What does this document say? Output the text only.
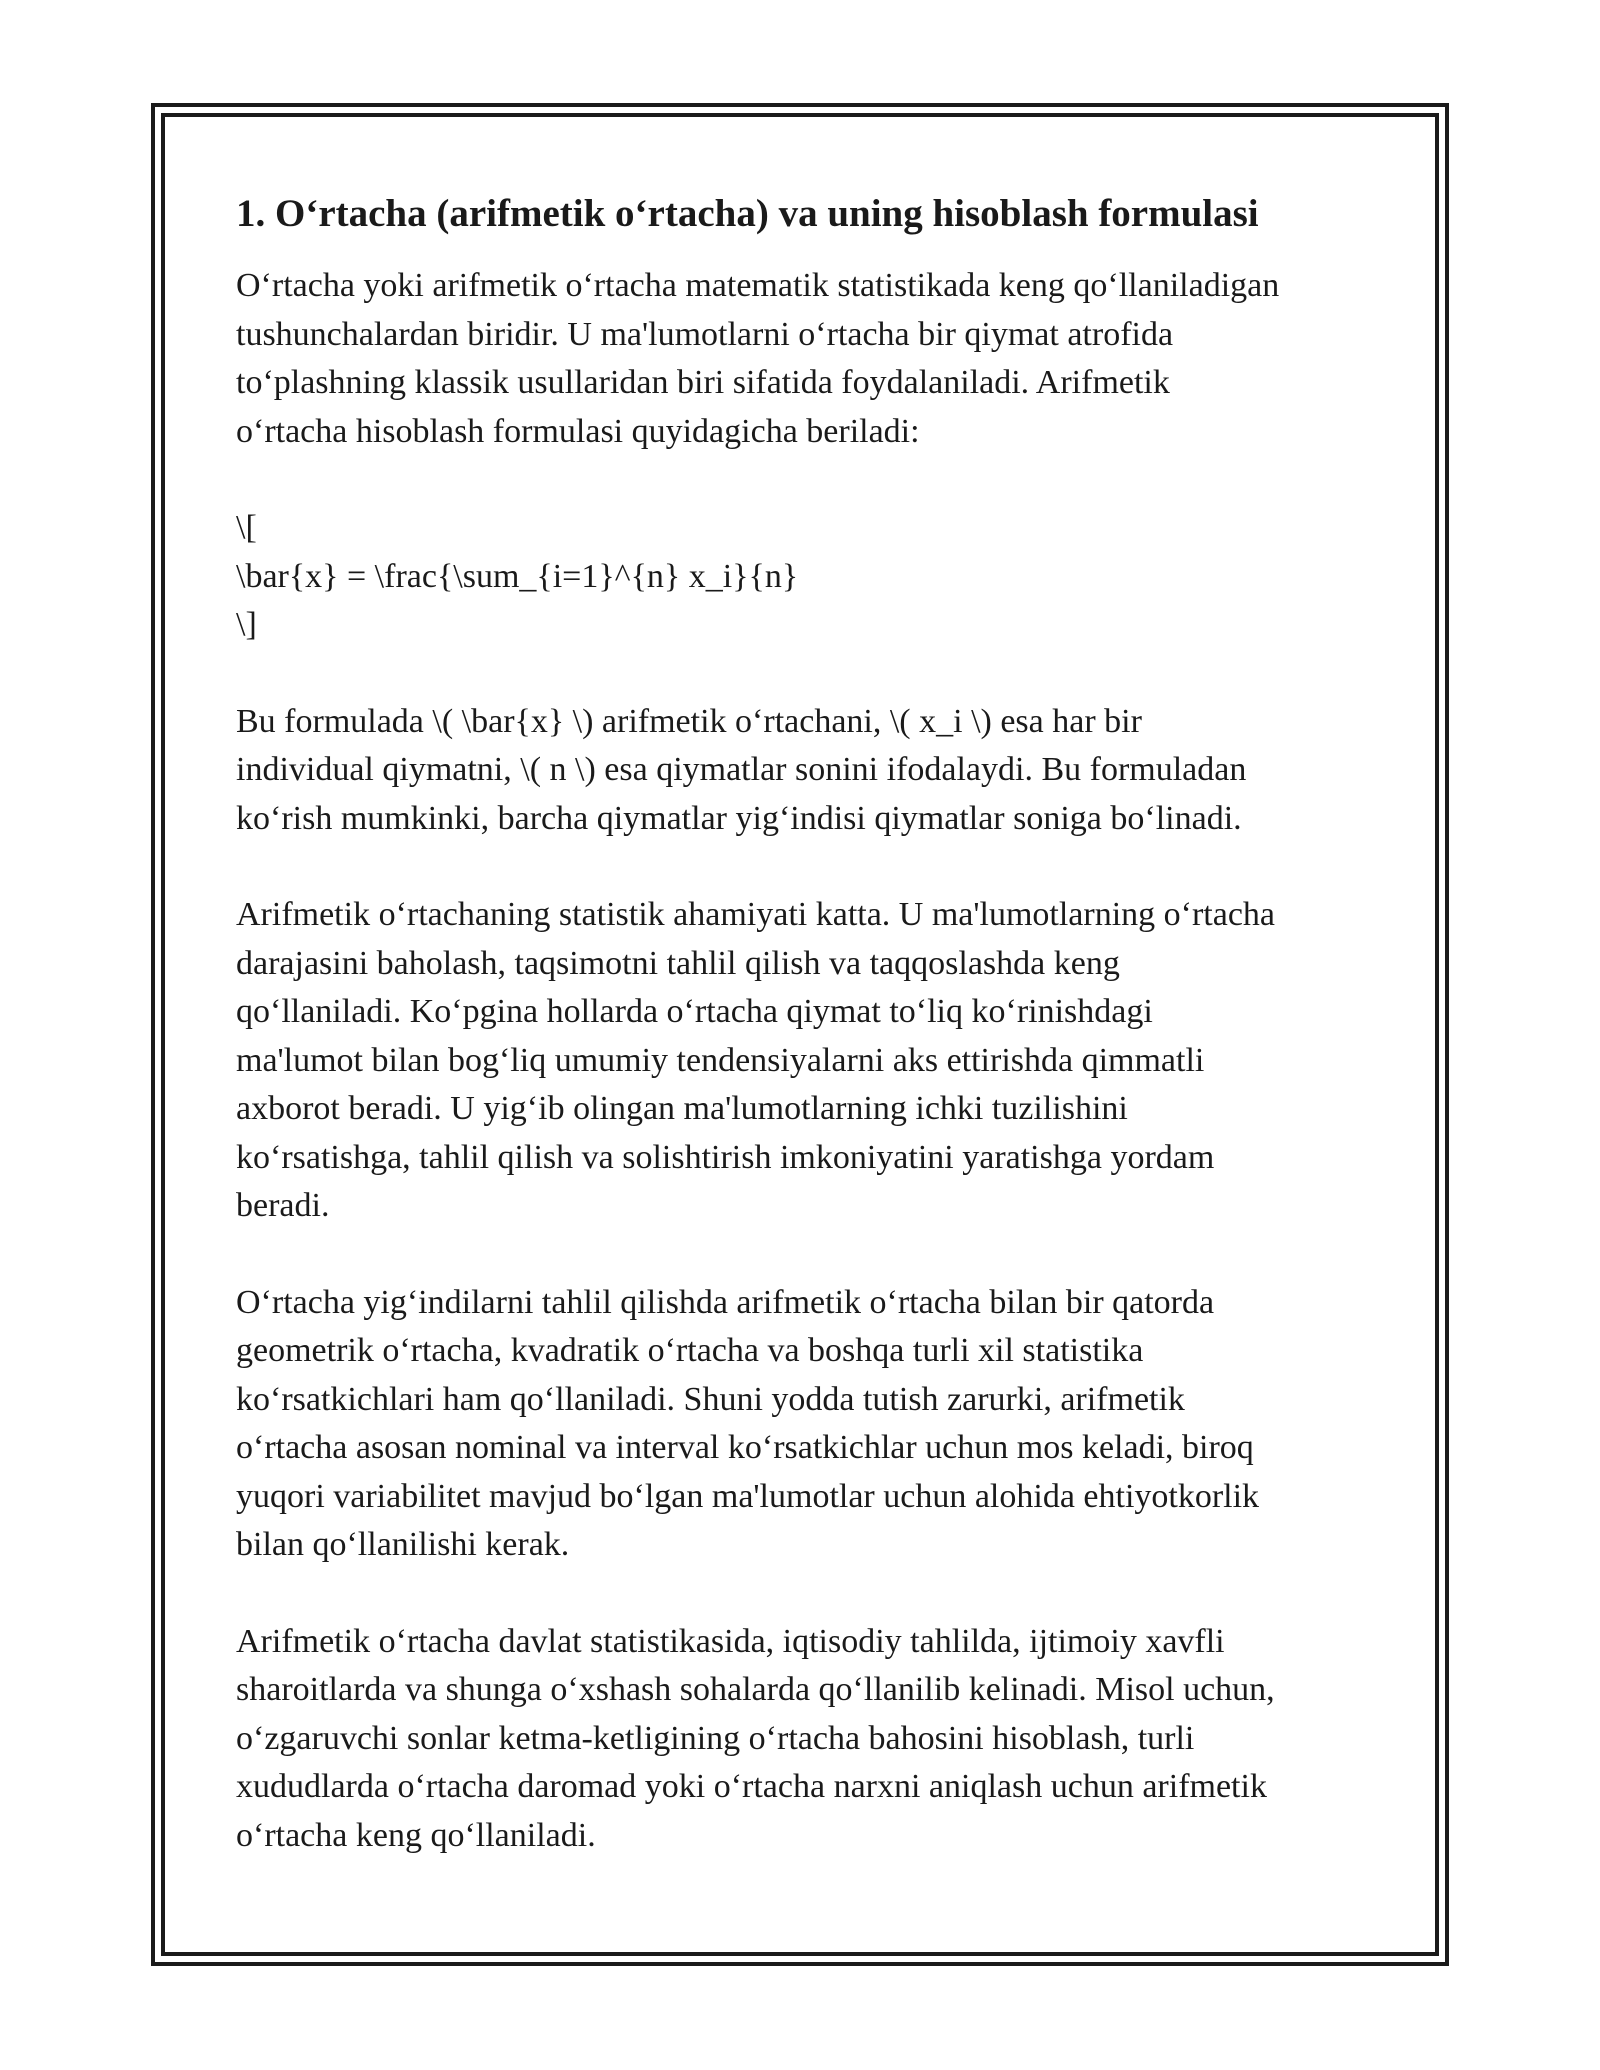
1. O‘rtacha (arifmetik o‘rtacha) va uning hisoblash formulasi

O‘rtacha yoki arifmetik o‘rtacha matematik statistikada keng qo‘llaniladigan
tushunchalardan biridir. U ma'lumotlarni o‘rtacha bir qiymat atrofida
to‘plashning klassik usullaridan biri sifatida foydalaniladi. Arifmetik
o‘rtacha hisoblash formulasi quyidagicha beriladi:

\[
\bar{x} = \frac{\sum_{i=1}^{n} x_i}{n}
\]

Bu formulada \( \bar{x} \) arifmetik o‘rtachani, \( x_i \) esa har bir
individual qiymatni, \( n \) esa qiymatlar sonini ifodalaydi. Bu formuladan
ko‘rish mumkinki, barcha qiymatlar yig‘indisi qiymatlar soniga bo‘linadi.

Arifmetik o‘rtachaning statistik ahamiyati katta. U ma'lumotlarning o‘rtacha
darajasini baholash, taqsimotni tahlil qilish va taqqoslashda keng
qo‘llaniladi. Ko‘pgina hollarda o‘rtacha qiymat to‘liq ko‘rinishdagi
ma'lumot bilan bog‘liq umumiy tendensiyalarni aks ettirishda qimmatli
axborot beradi. U yig‘ib olingan ma'lumotlarning ichki tuzilishini
ko‘rsatishga, tahlil qilish va solishtirish imkoniyatini yaratishga yordam
beradi.

O‘rtacha yig‘indilarni tahlil qilishda arifmetik o‘rtacha bilan bir qatorda
geometrik o‘rtacha, kvadratik o‘rtacha va boshqa turli xil statistika
ko‘rsatkichlari ham qo‘llaniladi. Shuni yodda tutish zarurki, arifmetik
o‘rtacha asosan nominal va interval ko‘rsatkichlar uchun mos keladi, biroq
yuqori variabilitet mavjud bo‘lgan ma'lumotlar uchun alohida ehtiyotkorlik
bilan qo‘llanilishi kerak.

Arifmetik o‘rtacha davlat statistikasida, iqtisodiy tahlilda, ijtimoiy xavfli
sharoitlarda va shunga o‘xshash sohalarda qo‘llanilib kelinadi. Misol uchun,
o‘zgaruvchi sonlar ketma-ketligining o‘rtacha bahosini hisoblash, turli
xududlarda o‘rtacha daromad yoki o‘rtacha narxni aniqlash uchun arifmetik
o‘rtacha keng qo‘llaniladi.
